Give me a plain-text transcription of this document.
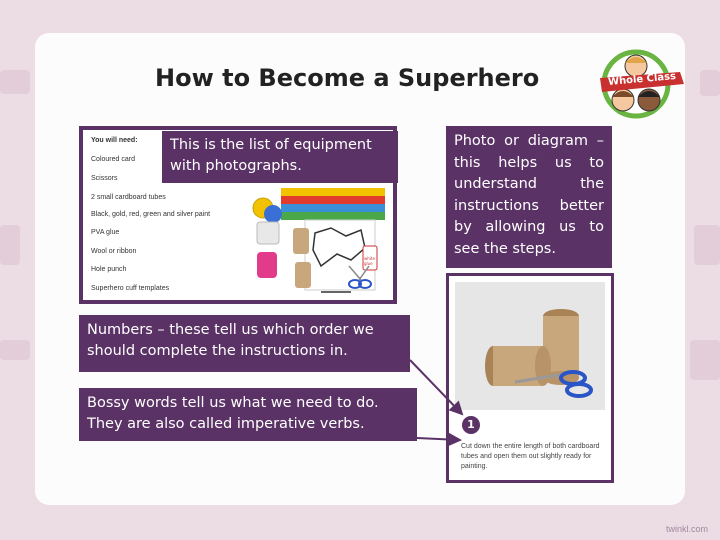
How to Become a Superhero	Whole Class
You will need:
Coloured card
Scissors
2 small cardboard tubes
Black, gold, red, green and silver paint
PVA glue
Wool or ribbon
Hole punch
Superhero cuff templates
white glue
This is the list of equipment with photographs.
Photo or diagram – this helps us to understand the instructions better by allowing us to see the steps.
Numbers – these tell us which order we should complete the instructions in.
Bossy words tell us what we need to do. They are also called imperative verbs.	1
Cut down the entire length of both cardboard tubes and open them out slightly ready for painting.
twinkl.com
